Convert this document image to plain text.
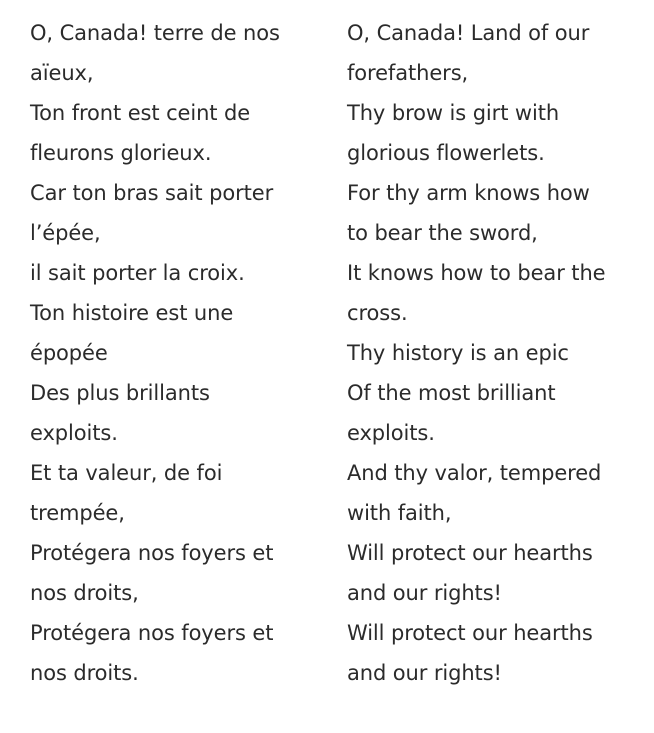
O, Canada! terre de nos
aïeux,
Ton front est ceint de
fleurons glorieux.
Car ton bras sait porter
l’épée,
il sait porter la croix.
Ton histoire est une
épopée
Des plus brillants
exploits.
Et ta valeur, de foi
trempée,
Protégera nos foyers et
nos droits,
Protégera nos foyers et
nos droits.
O, Canada! Land of our
forefathers,
Thy brow is girt with
glorious flowerlets.
For thy arm knows how
to bear the sword,
It knows how to bear the
cross.
Thy history is an epic
Of the most brilliant
exploits.
And thy valor, tempered
with faith,
Will protect our hearths
and our rights!
Will protect our hearths
and our rights!
